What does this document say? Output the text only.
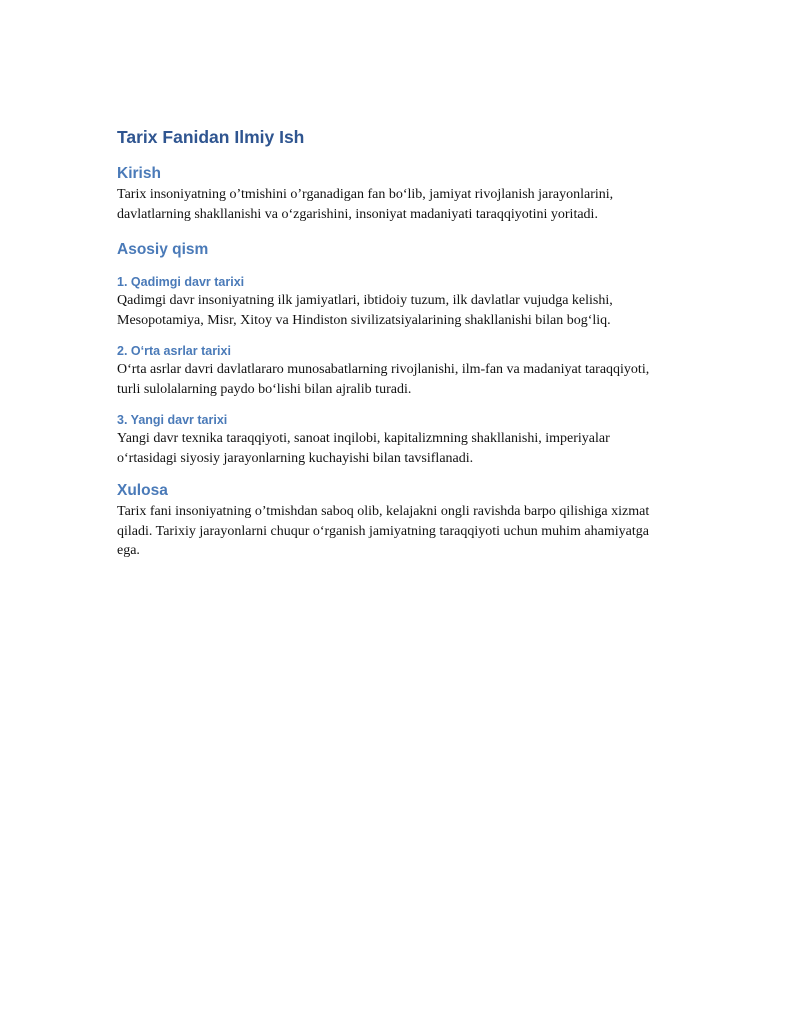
Tarix Fanidan Ilmiy Ish
Kirish
Tarix insoniyatning o’tmishini o’rganadigan fan bo‘lib, jamiyat rivojlanish jarayonlarini,
davlatlarning shakllanishi va o‘zgarishini, insoniyat madaniyati taraqqiyotini yoritadi.
Asosiy qism
1. Qadimgi davr tarixi
Qadimgi davr insoniyatning ilk jamiyatlari, ibtidoiy tuzum, ilk davlatlar vujudga kelishi,
Mesopotamiya, Misr, Xitoy va Hindiston sivilizatsiyalarining shakllanishi bilan bog‘liq.
2. O‘rta asrlar tarixi
O‘rta asrlar davri davlatlararo munosabatlarning rivojlanishi, ilm-fan va madaniyat taraqqiyoti,
turli sulolalarning paydo bo‘lishi bilan ajralib turadi.
3. Yangi davr tarixi
Yangi davr texnika taraqqiyoti, sanoat inqilobi, kapitalizmning shakllanishi, imperiyalar
o‘rtasidagi siyosiy jarayonlarning kuchayishi bilan tavsiflanadi.
Xulosa
Tarix fani insoniyatning o’tmishdan saboq olib, kelajakni ongli ravishda barpo qilishiga xizmat
qiladi. Tarixiy jarayonlarni chuqur o‘rganish jamiyatning taraqqiyoti uchun muhim ahamiyatga
ega.
